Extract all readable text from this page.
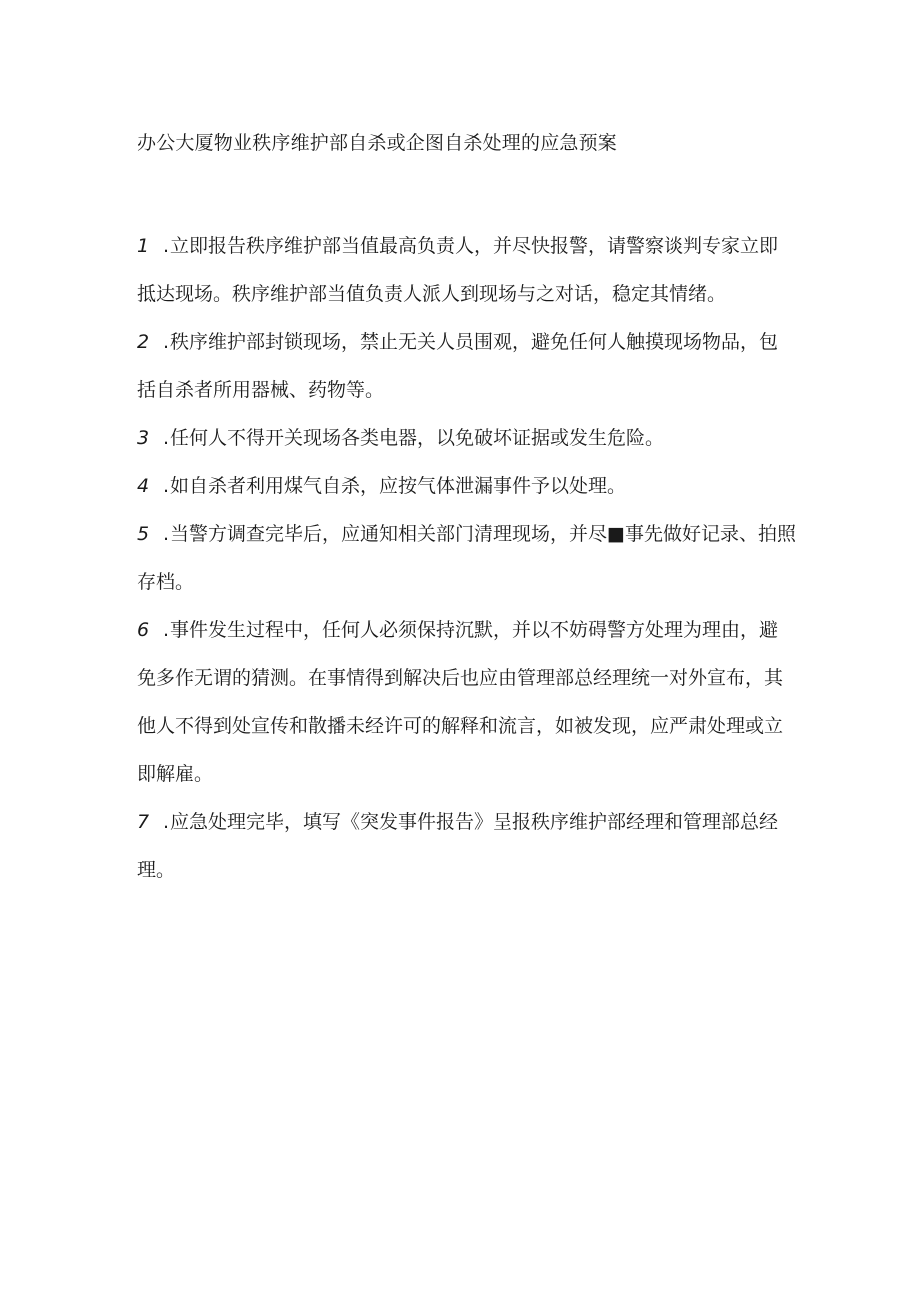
办公大厦物业秩序维护部自杀或企图自杀处理的应急预案
1 .立即报告秩序维护部当值最高负责人，并尽快报警，请警察谈判专家立即抵达现场。秩序维护部当值负责人派人到现场与之对话，稳定其情绪。
2 .秩序维护部封锁现场，禁止无关人员围观，避免任何人触摸现场物品，包括自杀者所用器械、药物等。
3 .任何人不得开关现场各类电器，以免破坏证据或发生危险。
4 .如自杀者利用煤气自杀，应按气体泄漏事件予以处理。
5 .当警方调查完毕后，应通知相关部门清理现场，并尽■事先做好记录、拍照存档。
6 .事件发生过程中，任何人必须保持沉默，并以不妨碍警方处理为理由，避免多作无谓的猜测。在事情得到解决后也应由管理部总经理统一对外宣布，其他人不得到处宣传和散播未经许可的解释和流言，如被发现，应严肃处理或立即解雇。
7 .应急处理完毕，填写《突发事件报告》呈报秩序维护部经理和管理部总经理。
